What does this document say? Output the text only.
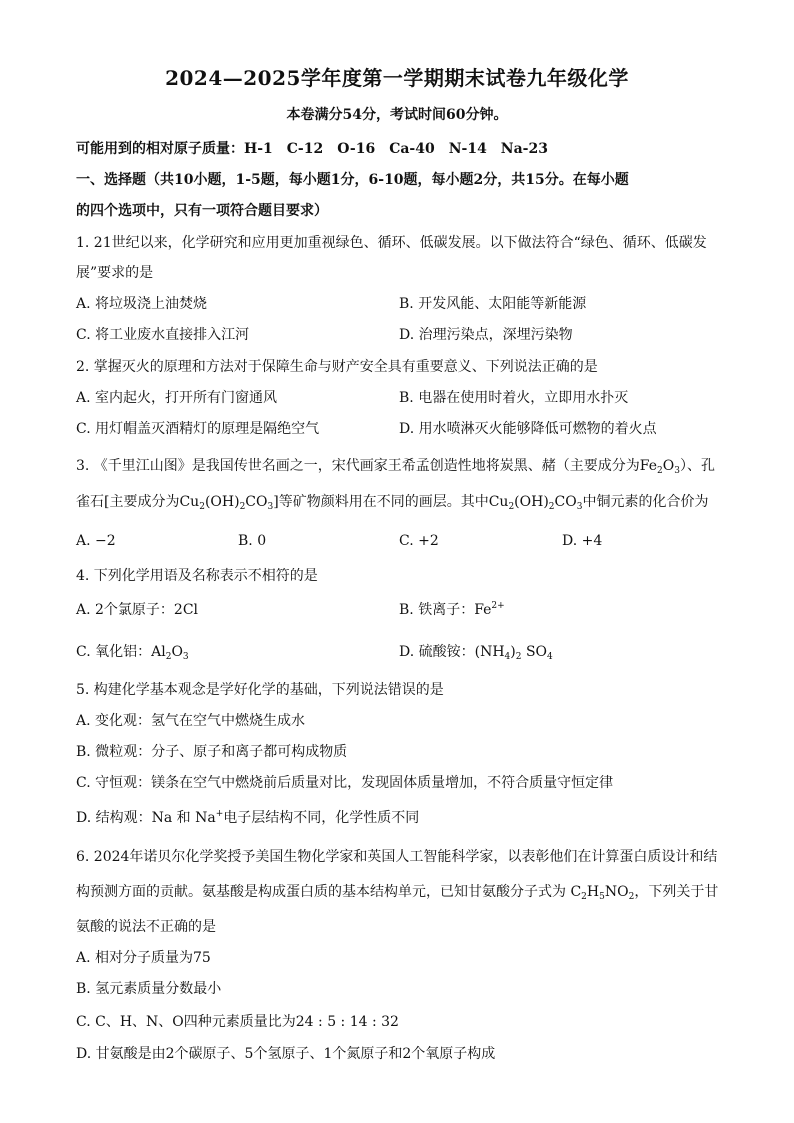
2024—2025学年度第一学期期末试卷九年级化学
本卷满分54分，考试时间60分钟。
可能用到的相对原子质量：H-1　C-12　O-16　Ca-40　N-14　Na-23
一、选择题（共10小题，1-5题，每小题1分，6-10题，每小题2分，共15分。在每小题
的四个选项中，只有一项符合题目要求）
1. 21世纪以来，化学研究和应用更加重视绿色、循环、低碳发展。以下做法符合“绿色、循环、低碳发
展”要求的是
A. 将垃圾浇上油焚烧	B. 开发风能、太阳能等新能源
C. 将工业废水直接排入江河	D. 治理污染点，深埋污染物
2. 掌握灭火的原理和方法对于保障生命与财产安全具有重要意义、下列说法正确的是
A. 室内起火，打开所有门窗通风	B. 电器在使用时着火，立即用水扑灭
C. 用灯帽盖灭酒精灯的原理是隔绝空气	D. 用水喷淋灭火能够降低可燃物的着火点
3. 《千里江山图》是我国传世名画之一，宋代画家王希孟创造性地将炭黑、赭（主要成分为$Fe_2O_3$）、孔
雀石[主要成分为$Cu_2(OH)_2CO_3$]等矿物颜料用在不同的画层。其中$Cu_2(OH)_2CO_3$中铜元素的化合价为
A. −2	B. 0	C. +2	D. +4
4. 下列化学用语及名称表示不相符的是
A. 2个氯原子：2Cl	B. 铁离子：$Fe^{2+}$
C. 氧化铝：$Al_2O_3$	D. 硫酸铵：$(NH_4)_2$ $SO_4$
5. 构建化学基本观念是学好化学的基础，下列说法错误的是
A. 变化观：氢气在空气中燃烧生成水
B. 微粒观：分子、原子和离子都可构成物质
C. 守恒观：镁条在空气中燃烧前后质量对比，发现固体质量增加，不符合质量守恒定律
D. 结构观：Na 和 Na+电子层结构不同，化学性质不同
6. 2024年诺贝尔化学奖授予美国生物化学家和英国人工智能科学家，以表彰他们在计算蛋白质设计和结
构预测方面的贡献。氨基酸是构成蛋白质的基本结构单元，已知甘氨酸分子式为 $C_2H_5NO_2$，下列关于甘
氨酸的说法不正确的是
A. 相对分子质量为75
B. 氢元素质量分数最小
C. C、H、N、O四种元素质量比为24 : 5 : 14 : 32
D. 甘氨酸是由2个碳原子、5个氢原子、1个氮原子和2个氧原子构成
